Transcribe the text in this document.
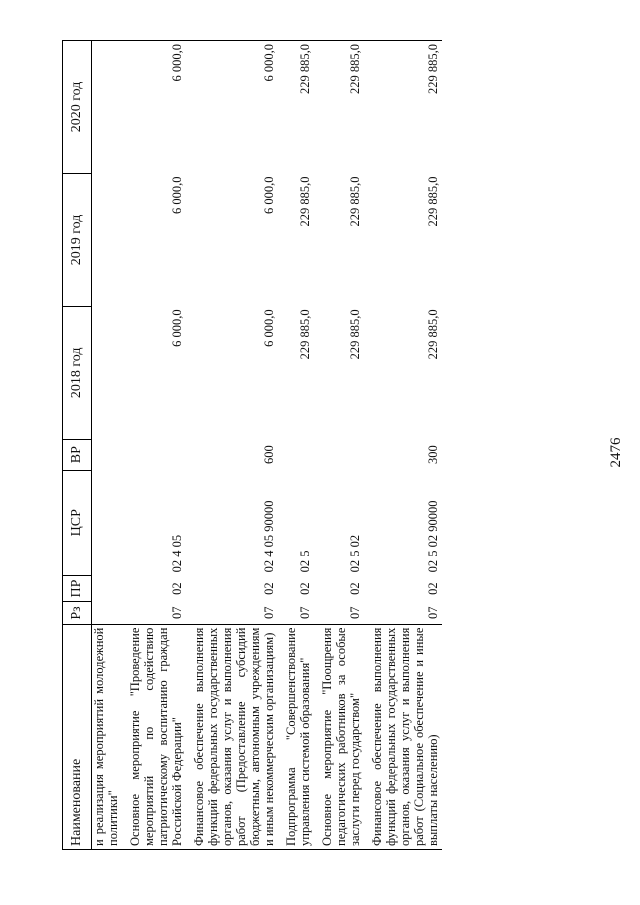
2476
Наименование	Рз	ПР	ЦСР	ВР	2018 год	2019 год	2020 год
и реализация мероприятий молодежной политики"							
Основное мероприятие "Проведение мероприятий по содействию патриотическому воспитанию граждан Российской Федерации"	07	02	02 4 05		6 000,0	6 000,0	6 000,0
Финансовое обеспечение выполнения функций федеральных государственных органов, оказания услуг и выполнения работ (Предоставление субсидий бюджетным, автономным учреждениям и иным некоммерческим организациям)	07	02	02 4 05 90000	600	6 000,0	6 000,0	6 000,0
Подпрограмма "Совершенствование управления системой образования"	07	02	02 5		229 885,0	229 885,0	229 885,0
Основное мероприятие "Поощрения педагогических работников за особые заслуги перед государством"	07	02	02 5 02		229 885,0	229 885,0	229 885,0
Финансовое обеспечение выполнения функций федеральных государственных органов, оказания услуг и выполнения работ (Социальное обеспечение и иные выплаты населению)	07	02	02 5 02 90000	300	229 885,0	229 885,0	229 885,0
